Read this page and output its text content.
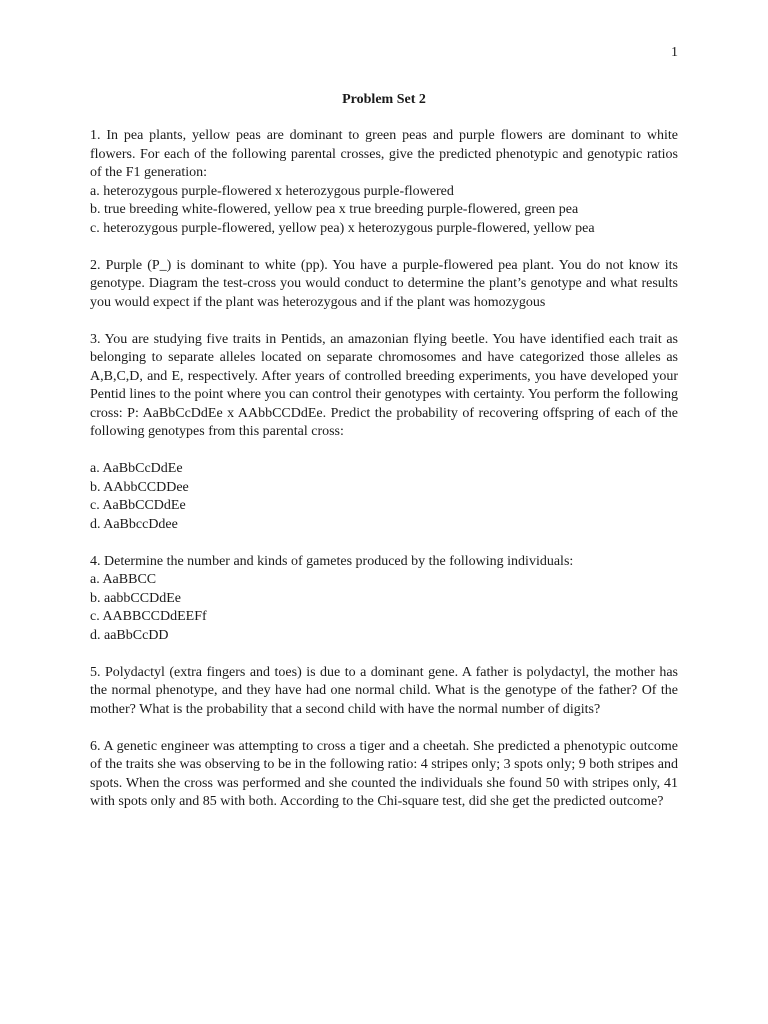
1
Problem Set 2

1. In pea plants, yellow peas are dominant to green peas and purple flowers are dominant to white flowers. For each of the following parental crosses, give the predicted phenotypic and genotypic ratios of the F1 generation:

a. heterozygous purple-flowered x heterozygous purple-flowered
b. true breeding white-flowered, yellow pea x true breeding purple-flowered, green pea
c. heterozygous purple-flowered, yellow pea) x heterozygous purple-flowered, yellow pea

2. Purple (P_) is dominant to white (pp). You have a purple-flowered pea plant. You do not know its genotype. Diagram the test-cross you would conduct to determine the plant’s genotype and what results you would expect if the plant was heterozygous and if the plant was homozygous

3. You are studying five traits in Pentids, an amazonian flying beetle. You have identified each trait as belonging to separate alleles located on separate chromosomes and have categorized those alleles as A,B,C,D, and E, respectively. After years of controlled breeding experiments, you have developed your Pentid lines to the point where you can control their genotypes with certainty. You perform the following cross: P: AaBbCcDdEe x AAbbCCDdEe. Predict the probability of recovering offspring of each of the following genotypes from this parental cross:

a. AaBbCcDdEe
b. AAbbCCDDee
c. AaBbCCDdEe
d. AaBbccDdee

4. Determine the number and kinds of gametes produced by the following individuals:

a. AaBBCC
b. aabbCCDdEe
c. AABBCCDdEEFf
d. aaBbCcDD

5. Polydactyl (extra fingers and toes) is due to a dominant gene. A father is polydactyl, the mother has the normal phenotype, and they have had one normal child. What is the genotype of the father? Of the mother? What is the probability that a second child with have the normal number of digits?

6. A genetic engineer was attempting to cross a tiger and a cheetah. She predicted a phenotypic outcome of the traits she was observing to be in the following ratio: 4 stripes only; 3 spots only; 9 both stripes and spots. When the cross was performed and she counted the individuals she found 50 with stripes only, 41 with spots only and 85 with both. According to the Chi-square test, did she get the predicted outcome?
